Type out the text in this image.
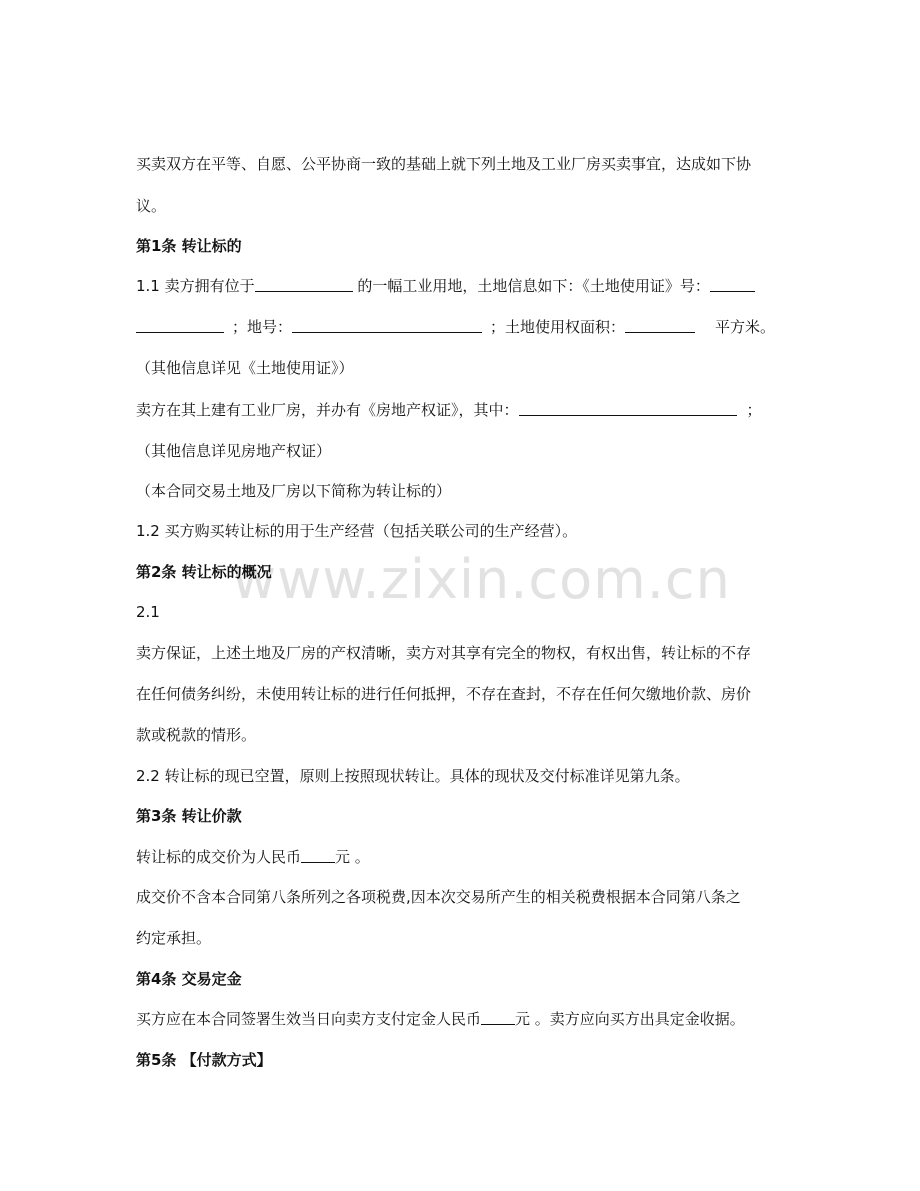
www.zixin.com.cn
买卖双方在平等、自愿、公平协商一致的基础上就下列土地及工业厂房买卖事宜，达成如下协
议。
第1条 转让标的
1.1 卖方拥有位于	的一幅工业用地，土地信息如下：《土地使用证》号：
；地号：	；土地使用权面积：	平方米。
（其他信息详见《土地使用证》）
卖方在其上建有工业厂房，并办有《房地产权证》，其中：	；
（其他信息详见房地产权证）
（本合同交易土地及厂房以下简称为转让标的）
1.2 买方购买转让标的用于生产经营（包括关联公司的生产经营）。
第2条 转让标的概况
2.1
卖方保证，上述土地及厂房的产权清晰，卖方对其享有完全的物权，有权出售，转让标的不存
在任何债务纠纷，未使用转让标的进行任何抵押，不存在查封，不存在任何欠缴地价款、房价
款或税款的情形。
2.2 转让标的现已空置，原则上按照现状转让。具体的现状及交付标准详见第九条。
第3条 转让价款
转让标的成交价为人民币 元 。
成交价不含本合同第八条所列之各项税费,因本次交易所产生的相关税费根据本合同第八条之
约定承担。
第4条 交易定金
买方应在本合同签署生效当日向卖方支付定金人民币 元 。卖方应向买方出具定金收据。
第5条 【付款方式】
